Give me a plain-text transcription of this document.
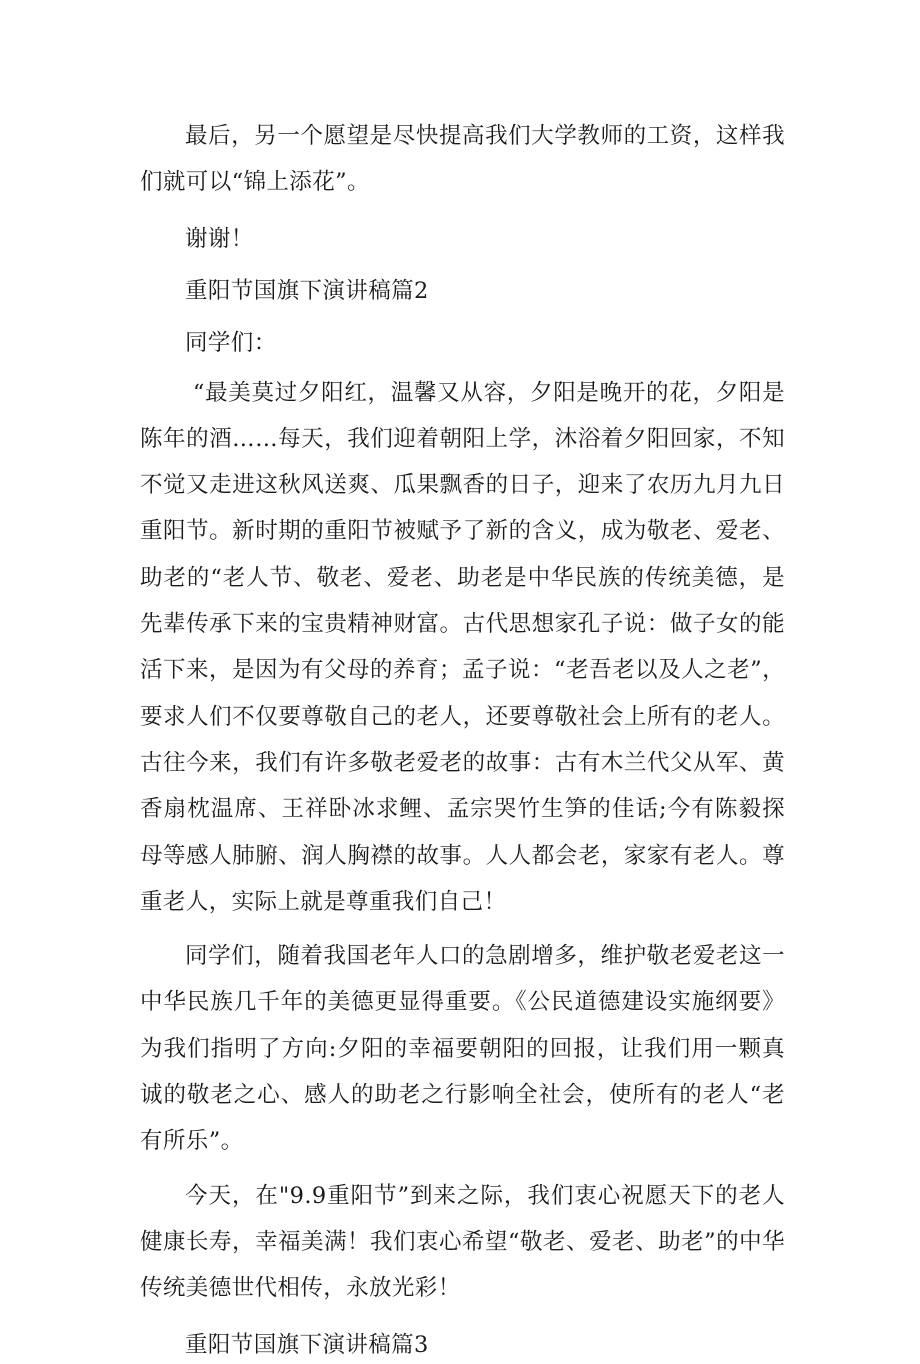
最后，另一个愿望是尽快提高我们大学教师的工资，这样我们就可以“锦上添花”。

谢谢！

重阳节国旗下演讲稿篇2

同学们：

“最美莫过夕阳红，温馨又从容，夕阳是晚开的花，夕阳是陈年的酒……每天，我们迎着朝阳上学，沐浴着夕阳回家，不知不觉又走进这秋风送爽、瓜果飘香的日子，迎来了农历九月九日重阳节。新时期的重阳节被赋予了新的含义，成为敬老、爱老、助老的“老人节、敬老、爱老、助老是中华民族的传统美德，是先辈传承下来的宝贵精神财富。古代思想家孔子说：做子女的能活下来，是因为有父母的养育；孟子说：“老吾老以及人之老”，要求人们不仅要尊敬自己的老人，还要尊敬社会上所有的老人。古往今来，我们有许多敬老爱老的故事：古有木兰代父从军、黄香扇枕温席、王祥卧冰求鲤、孟宗哭竹生笋的佳话;今有陈毅探母等感人肺腑、润人胸襟的故事。人人都会老，家家有老人。尊重老人，实际上就是尊重我们自己！

同学们，随着我国老年人口的急剧增多，维护敬老爱老这一中华民族几千年的美德更显得重要。《公民道德建设实施纲要》为我们指明了方向:夕阳的幸福要朝阳的回报，让我们用一颗真诚的敬老之心、感人的助老之行影响全社会，使所有的老人“老有所乐”。

今天，在"9.9重阳节”到来之际，我们衷心祝愿天下的老人健康长寿，幸福美满！我们衷心希望“敬老、爱老、助老”的中华传统美德世代相传，永放光彩！

重阳节国旗下演讲稿篇3
